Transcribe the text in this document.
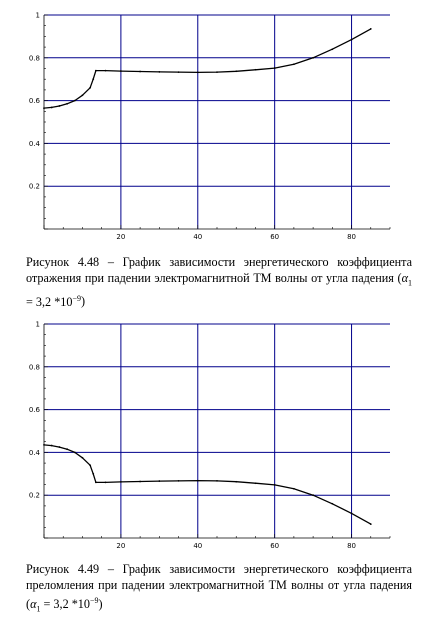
20	40	60	80
0.2
0.4
0.6
0.8
1
Рисунок 4.48 – График зависимости энергетического коэффициента отражения при падении электромагнитной ТМ волны от угла падения ($\alpha_1 = 3,2$ $*10^{-9}$)
20	40	60	80
0.2
0.4
0.6
0.8
1
Рисунок 4.49 – График зависимости энергетического коэффициента преломления при падении электромагнитной ТМ волны от угла падения ($\alpha_1 = 3,2$ $*10^{-9}$)
